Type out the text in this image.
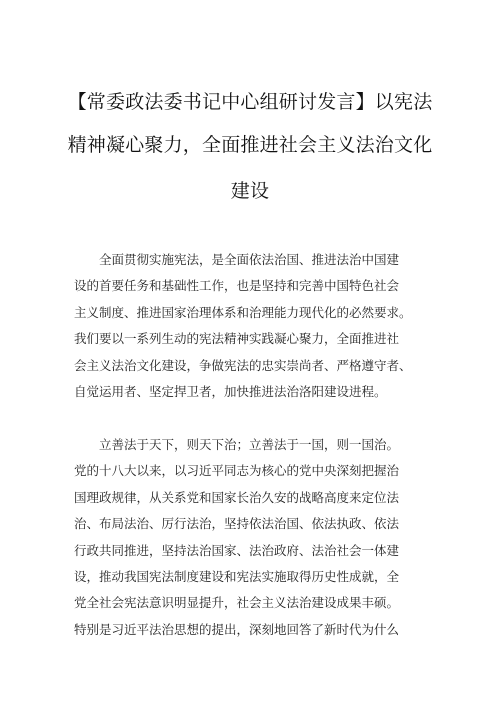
【常委政法委书记中心组研讨发言】以宪法
精神凝心聚力，全面推进社会主义法治文化
建设
全面贯彻实施宪法，是全面依法治国、推进法治中国建
设的首要任务和基础性工作，也是坚持和完善中国特色社会
主义制度、推进国家治理体系和治理能力现代化的必然要求。
我们要以一系列生动的宪法精神实践凝心聚力，全面推进社
会主义法治文化建设，争做宪法的忠实崇尚者、严格遵守者、
自觉运用者、坚定捍卫者，加快推进法治洛阳建设进程。
立善法于天下，则天下治；立善法于一国，则一国治。
党的十八大以来，以习近平同志为核心的党中央深刻把握治
国理政规律，从关系党和国家长治久安的战略高度来定位法
治、布局法治、厉行法治，坚持依法治国、依法执政、依法
行政共同推进，坚持法治国家、法治政府、法治社会一体建
设，推动我国宪法制度建设和宪法实施取得历史性成就，全
党全社会宪法意识明显提升，社会主义法治建设成果丰硕。
特别是习近平法治思想的提出，深刻地回答了新时代为什么
